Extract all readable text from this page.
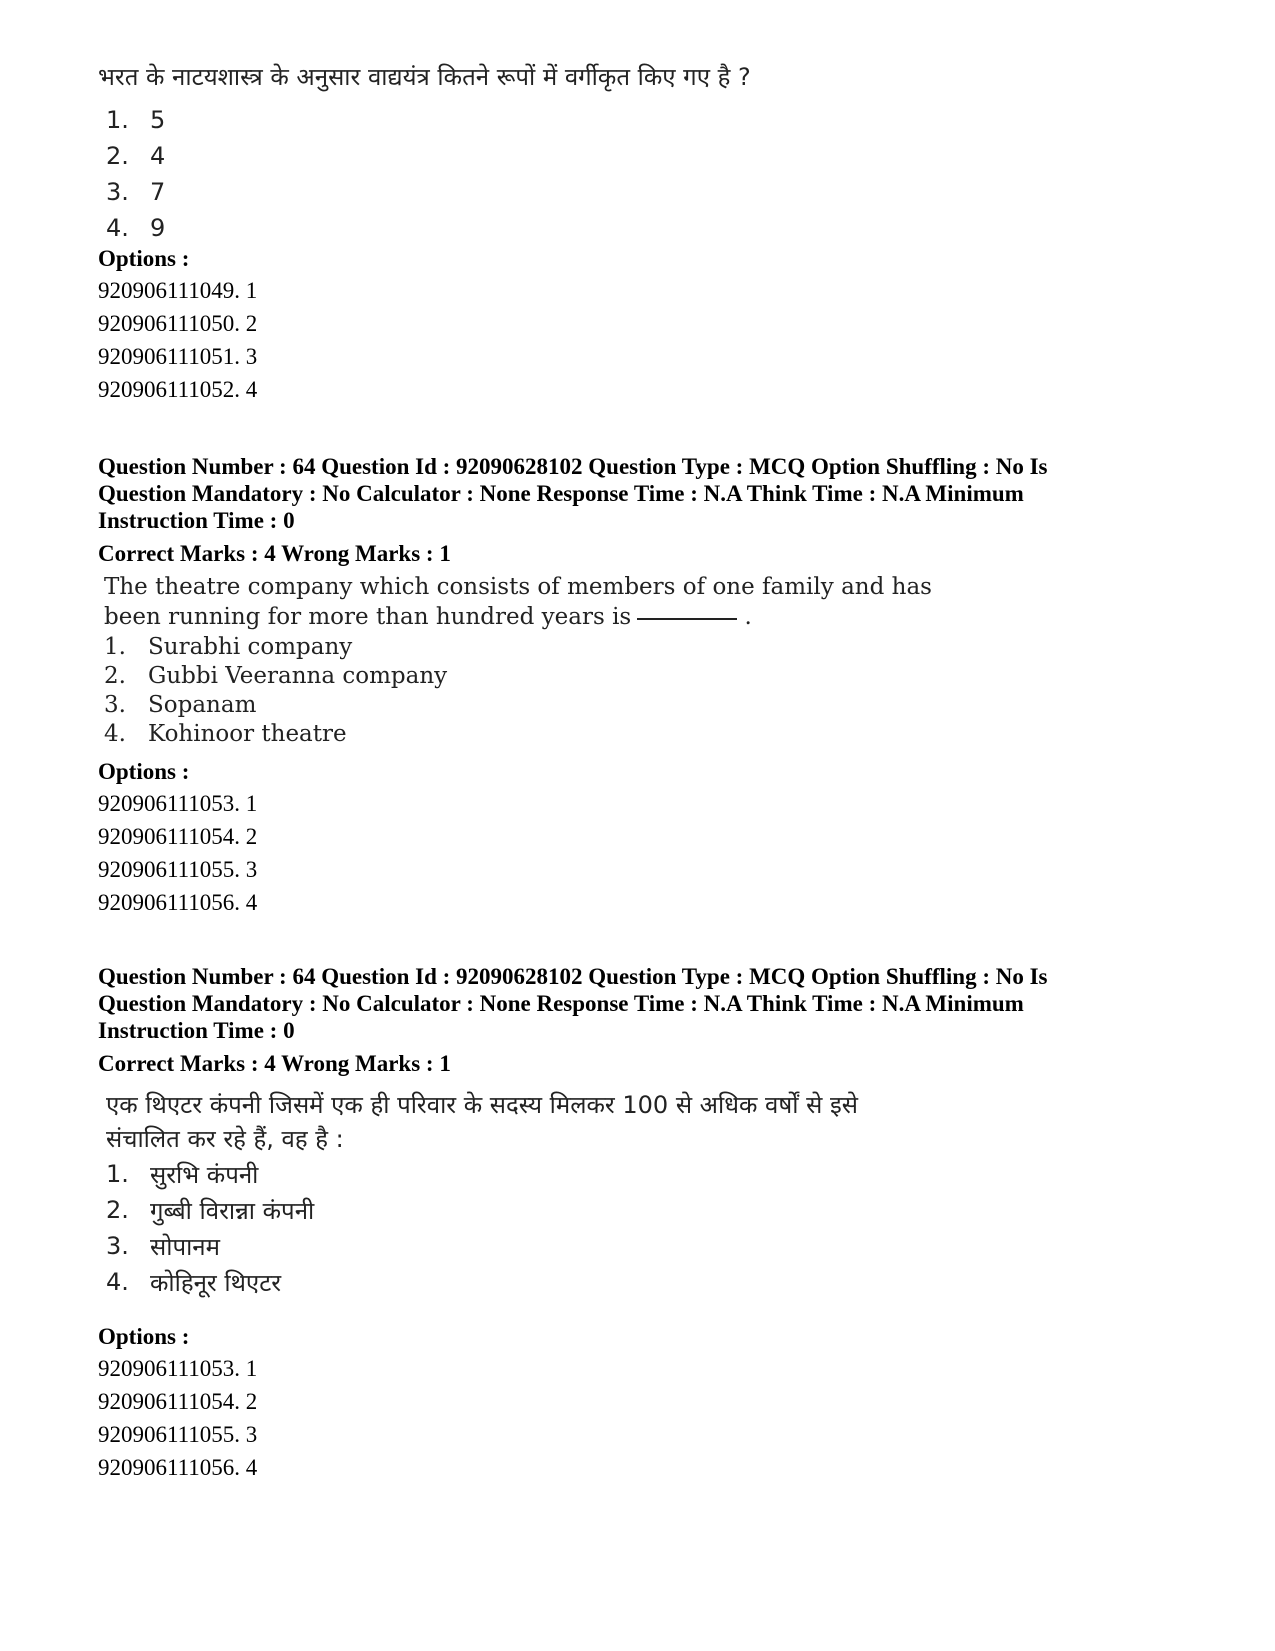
भरत के नाटयशास्त्र के अनुसार वाद्ययंत्र कितने रूपों में वर्गीकृत किए गए है ?
1. 5
2. 4
3. 7
4. 9
Options :
920906111049. 1
920906111050. 2
920906111051. 3
920906111052. 4
Question Number : 64 Question Id : 92090628102 Question Type : MCQ Option Shuffling : No Is
Question Mandatory : No Calculator : None Response Time : N.A Think Time : N.A Minimum
Instruction Time : 0
Correct Marks : 4 Wrong Marks : 1
The theatre company which consists of members of one family and has
been running for more than hundred years is	.
1. Surabhi company
2. Gubbi Veeranna company
3. Sopanam
4. Kohinoor theatre
Options :
920906111053. 1
920906111054. 2
920906111055. 3
920906111056. 4
Question Number : 64 Question Id : 92090628102 Question Type : MCQ Option Shuffling : No Is
Question Mandatory : No Calculator : None Response Time : N.A Think Time : N.A Minimum
Instruction Time : 0
Correct Marks : 4 Wrong Marks : 1
एक थिएटर कंपनी जिसमें एक ही परिवार के सदस्य मिलकर 100 से अधिक वर्षों से इसे
संचालित कर रहे हैं, वह है :
1. सुरभि कंपनी
2. गुब्बी विरान्ना कंपनी
3. सोपानम
4. कोहिनूर थिएटर
Options :
920906111053. 1
920906111054. 2
920906111055. 3
920906111056. 4
